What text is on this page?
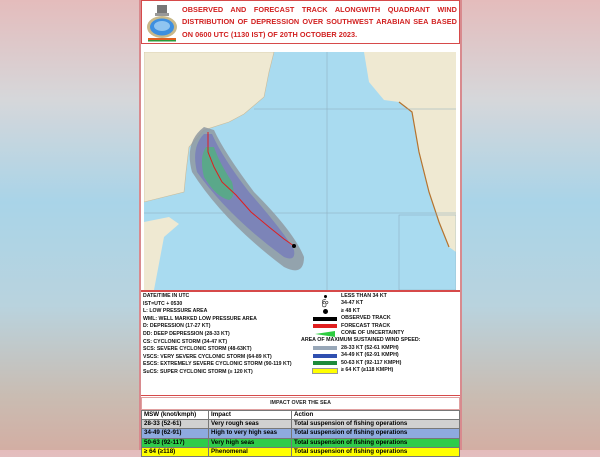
OBSERVED AND FORECAST TRACK ALONGWITH QUADRANT WIND DISTRIBUTION OF DEPRESSION OVER SOUTHWEST ARABIAN SEA BASED ON 0600 UTC (1130 IST) OF 20TH OCTOBER 2023.
DATE/TIME IN UTC
IST=UTC + 0530
L: LOW PRESSURE AREA
WML: WELL MARKED LOW PRESSURE AREA
D: DEPRESSION (17-27 KT)
DD: DEEP DEPRESSION (28-33 KT)
CS: CYCLONIC STORM (34-47 KT)
SCS: SEVERE CYCLONIC STORM (48-63KT)
VSCS: VERY SEVERE CYCLONIC STORM (64-89 KT)
ESCS: EXTREMELY SEVERE CYCLONIC STORM (90-119 KT)
SuCS: SUPER CYCLONIC STORM (≥ 120 KT)
LESS THAN 34 KT
ꩺ 34-47 KT
≥ 48 KT
OBSERVED TRACK
FORECAST TRACK
CONE OF UNCERTAINTY
AREA OF MAXIMUM SUSTAINED WIND SPEED:
28-33 KT (52-61 KMPH)
34-49 KT (62-91 KMPH)
50-63 KT (92-117 KMPH)
≥ 64 KT (≥118 KMPH)
IMPACT OVER THE SEA
MSW (knot/kmph)	Impact	Action
28-33 (52-61)	Very rough seas	Total suspension of fishing operations
34-49 (62-91)	High to very high seas	Total suspension of fishing operations
50-63 (92-117)	Very high seas	Total suspension of fishing operations
≥ 64 (≥118)	Phenomenal	Total suspension of fishing operations
